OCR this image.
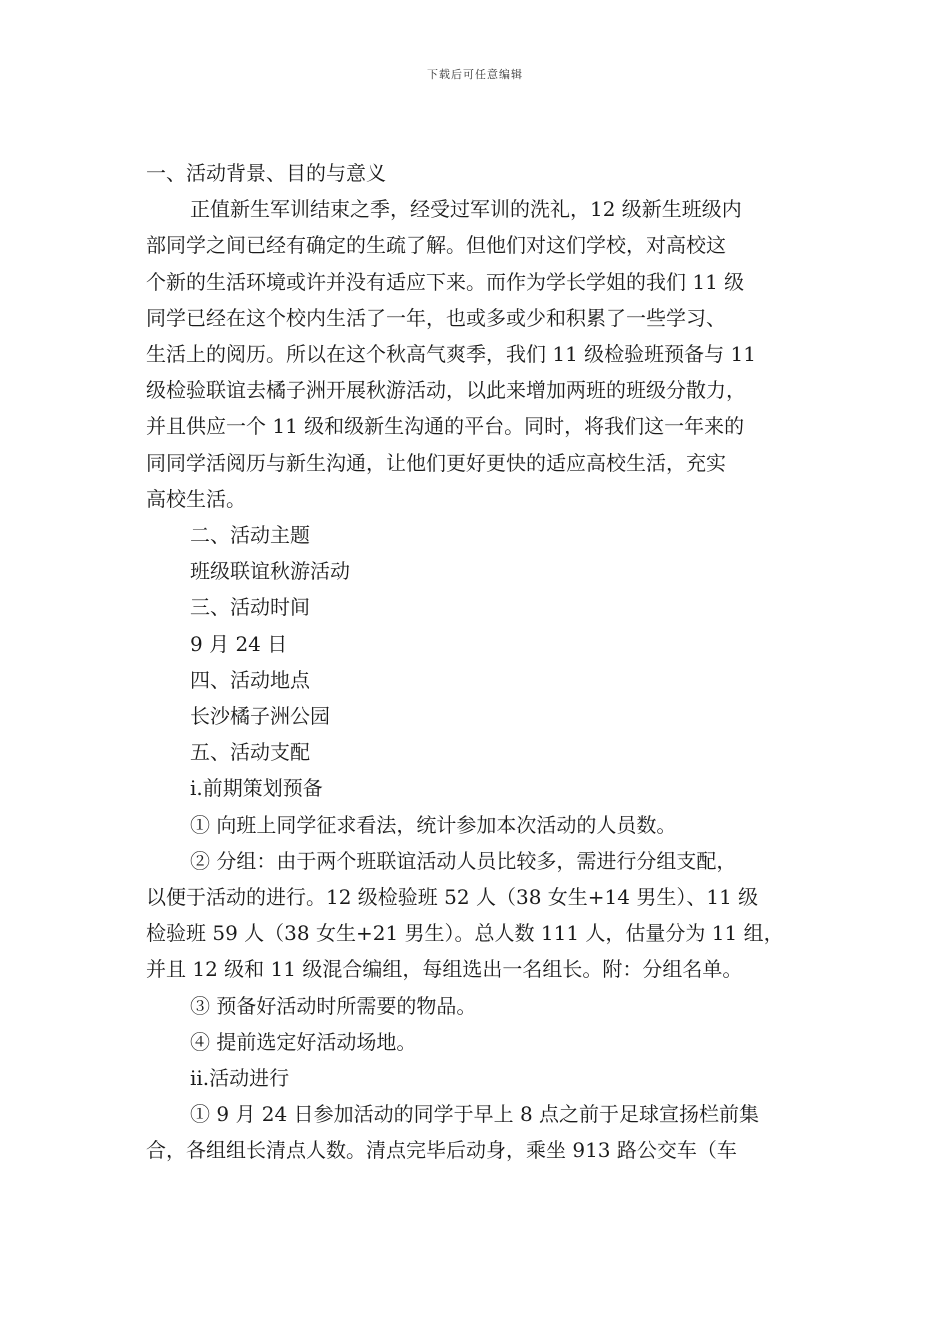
下载后可任意编辑

一、活动背景、目的与意义

正值新生军训结束之季，经受过军训的洗礼，12 级新生班级内

部同学之间已经有确定的生疏了解。但他们对这们学校，对高校这

个新的生活环境或许并没有适应下来。而作为学长学姐的我们 11 级

同学已经在这个校内生活了一年，也或多或少和积累了一些学习、

生活上的阅历。所以在这个秋高气爽季，我们 11 级检验班预备与 11

级检验联谊去橘子洲开展秋游活动，以此来增加两班的班级分散力，

并且供应一个 11 级和级新生沟通的平台。同时，将我们这一年来的

同同学活阅历与新生沟通，让他们更好更快的适应高校生活，充实

高校生活。

二、活动主题

班级联谊秋游活动

三、活动时间

9 月 24 日

四、活动地点

长沙橘子洲公园

五、活动支配

ⅰ.前期策划预备

① 向班上同学征求看法，统计参加本次活动的人员数。

② 分组：由于两个班联谊活动人员比较多，需进行分组支配，

以便于活动的进行。12 级检验班 52 人（38 女生+14 男生）、11 级

检验班 59 人（38 女生+21 男生）。总人数 111 人，估量分为 11 组，

并且 12 级和 11 级混合编组，每组选出一名组长。附：分组名单。

③ 预备好活动时所需要的物品。

④ 提前选定好活动场地。

ⅱ.活动进行

① 9 月 24 日参加活动的同学于早上 8 点之前于足球宣扬栏前集

合，各组组长清点人数。清点完毕后动身，乘坐 913 路公交车（车
